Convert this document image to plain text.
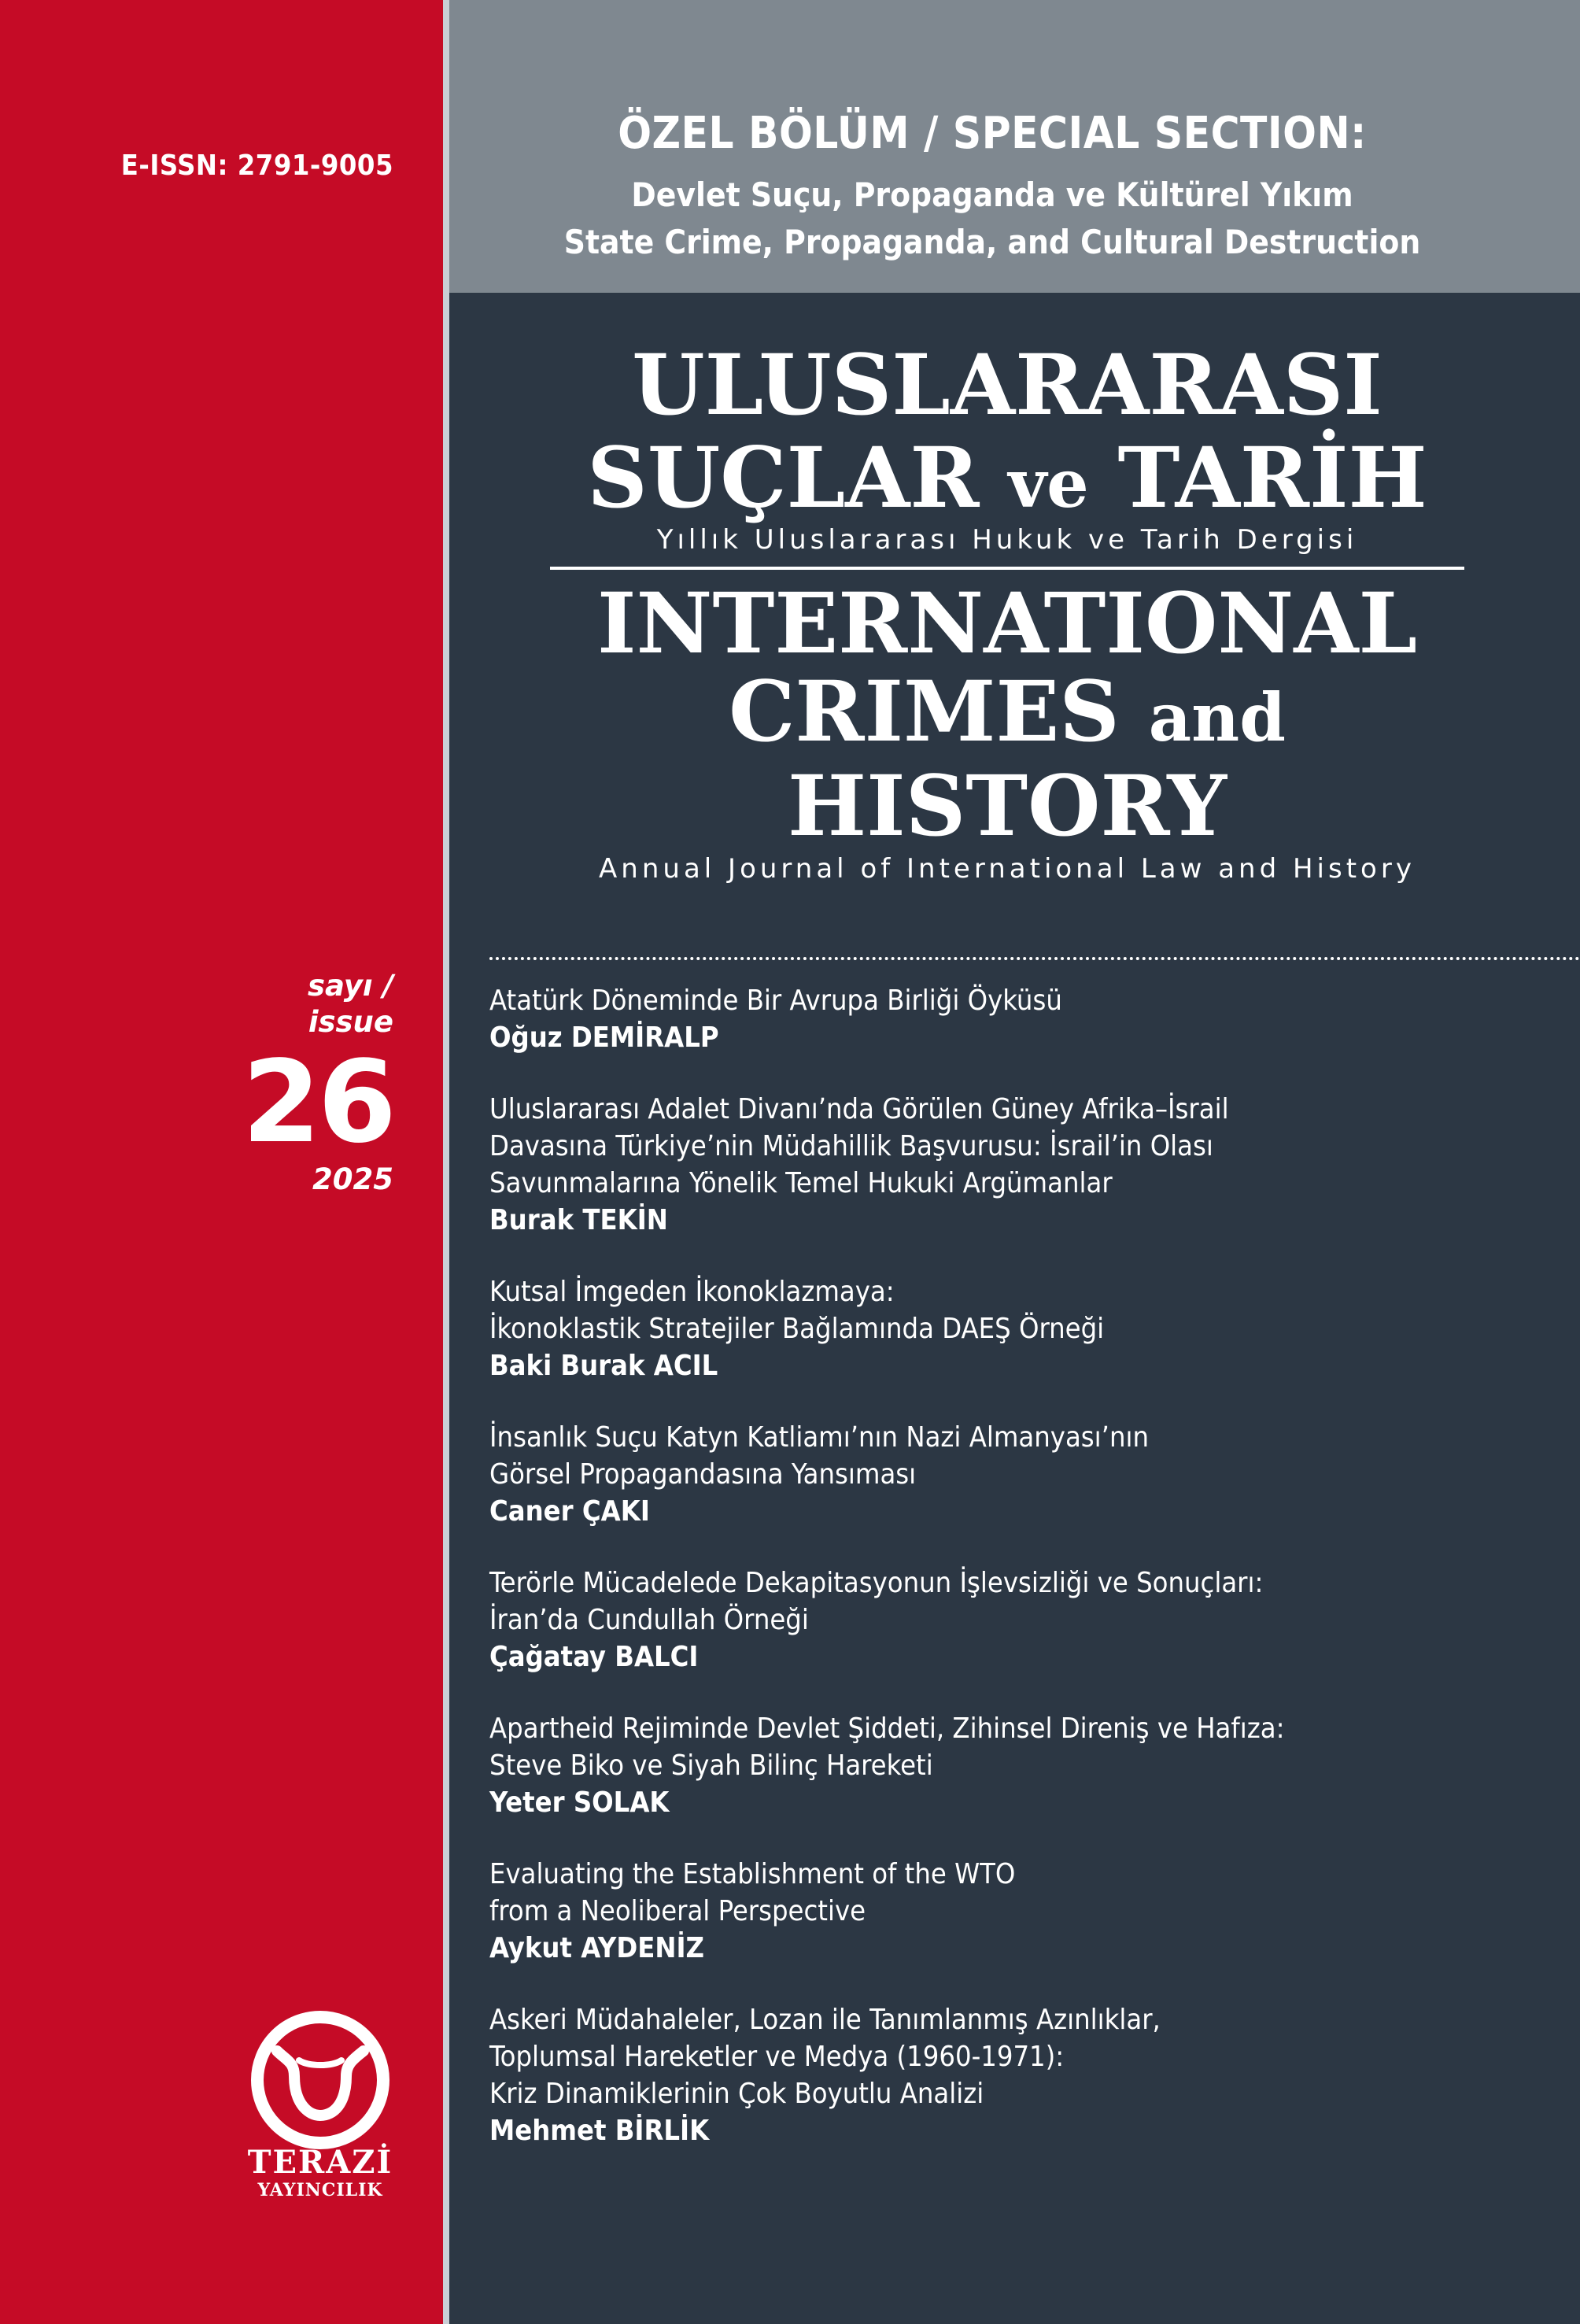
E-ISSN: 2791-9005
ÖZEL BÖLÜM / SPECIAL SECTION:
Devlet Suçu, Propaganda ve Kültürel Yıkım
State Crime, Propaganda, and Cultural Destruction
ULUSLARARASI
SUÇLAR ve TARİH
Yıllık Uluslararası Hukuk ve Tarih Dergisi
INTERNATIONAL
CRIMES and HISTORY
Annual Journal of International Law and History
sayı /
issue
26
2025
Atatürk Döneminde Bir Avrupa Birliği Öyküsü
Oğuz DEMİRALP
Uluslararası Adalet Divanı’nda Görülen Güney Afrika–İsrail
Davasına Türkiye’nin Müdahillik Başvurusu: İsrail’in Olası
Savunmalarına Yönelik Temel Hukuki Argümanlar
Burak TEKİN
Kutsal İmgeden İkonoklazmaya:
İkonoklastik Stratejiler Bağlamında DAEŞ Örneği
Baki Burak ACIL
İnsanlık Suçu Katyn Katliamı’nın Nazi Almanyası’nın
Görsel Propagandasına Yansıması
Caner ÇAKI
Terörle Mücadelede Dekapitasyonun İşlevsizliği ve Sonuçları:
İran’da Cundullah Örneği
Çağatay BALCI
Apartheid Rejiminde Devlet Şiddeti, Zihinsel Direniş ve Hafıza:
Steve Biko ve Siyah Bilinç Hareketi
Yeter SOLAK
Evaluating the Establishment of the WTO
from a Neoliberal Perspective
Aykut AYDENİZ
Askeri Müdahaleler, Lozan ile Tanımlanmış Azınlıklar,
Toplumsal Hareketler ve Medya (1960-1971):
Kriz Dinamiklerinin Çok Boyutlu Analizi
Mehmet BİRLİK
TERAZİ
YAYINCILIK
